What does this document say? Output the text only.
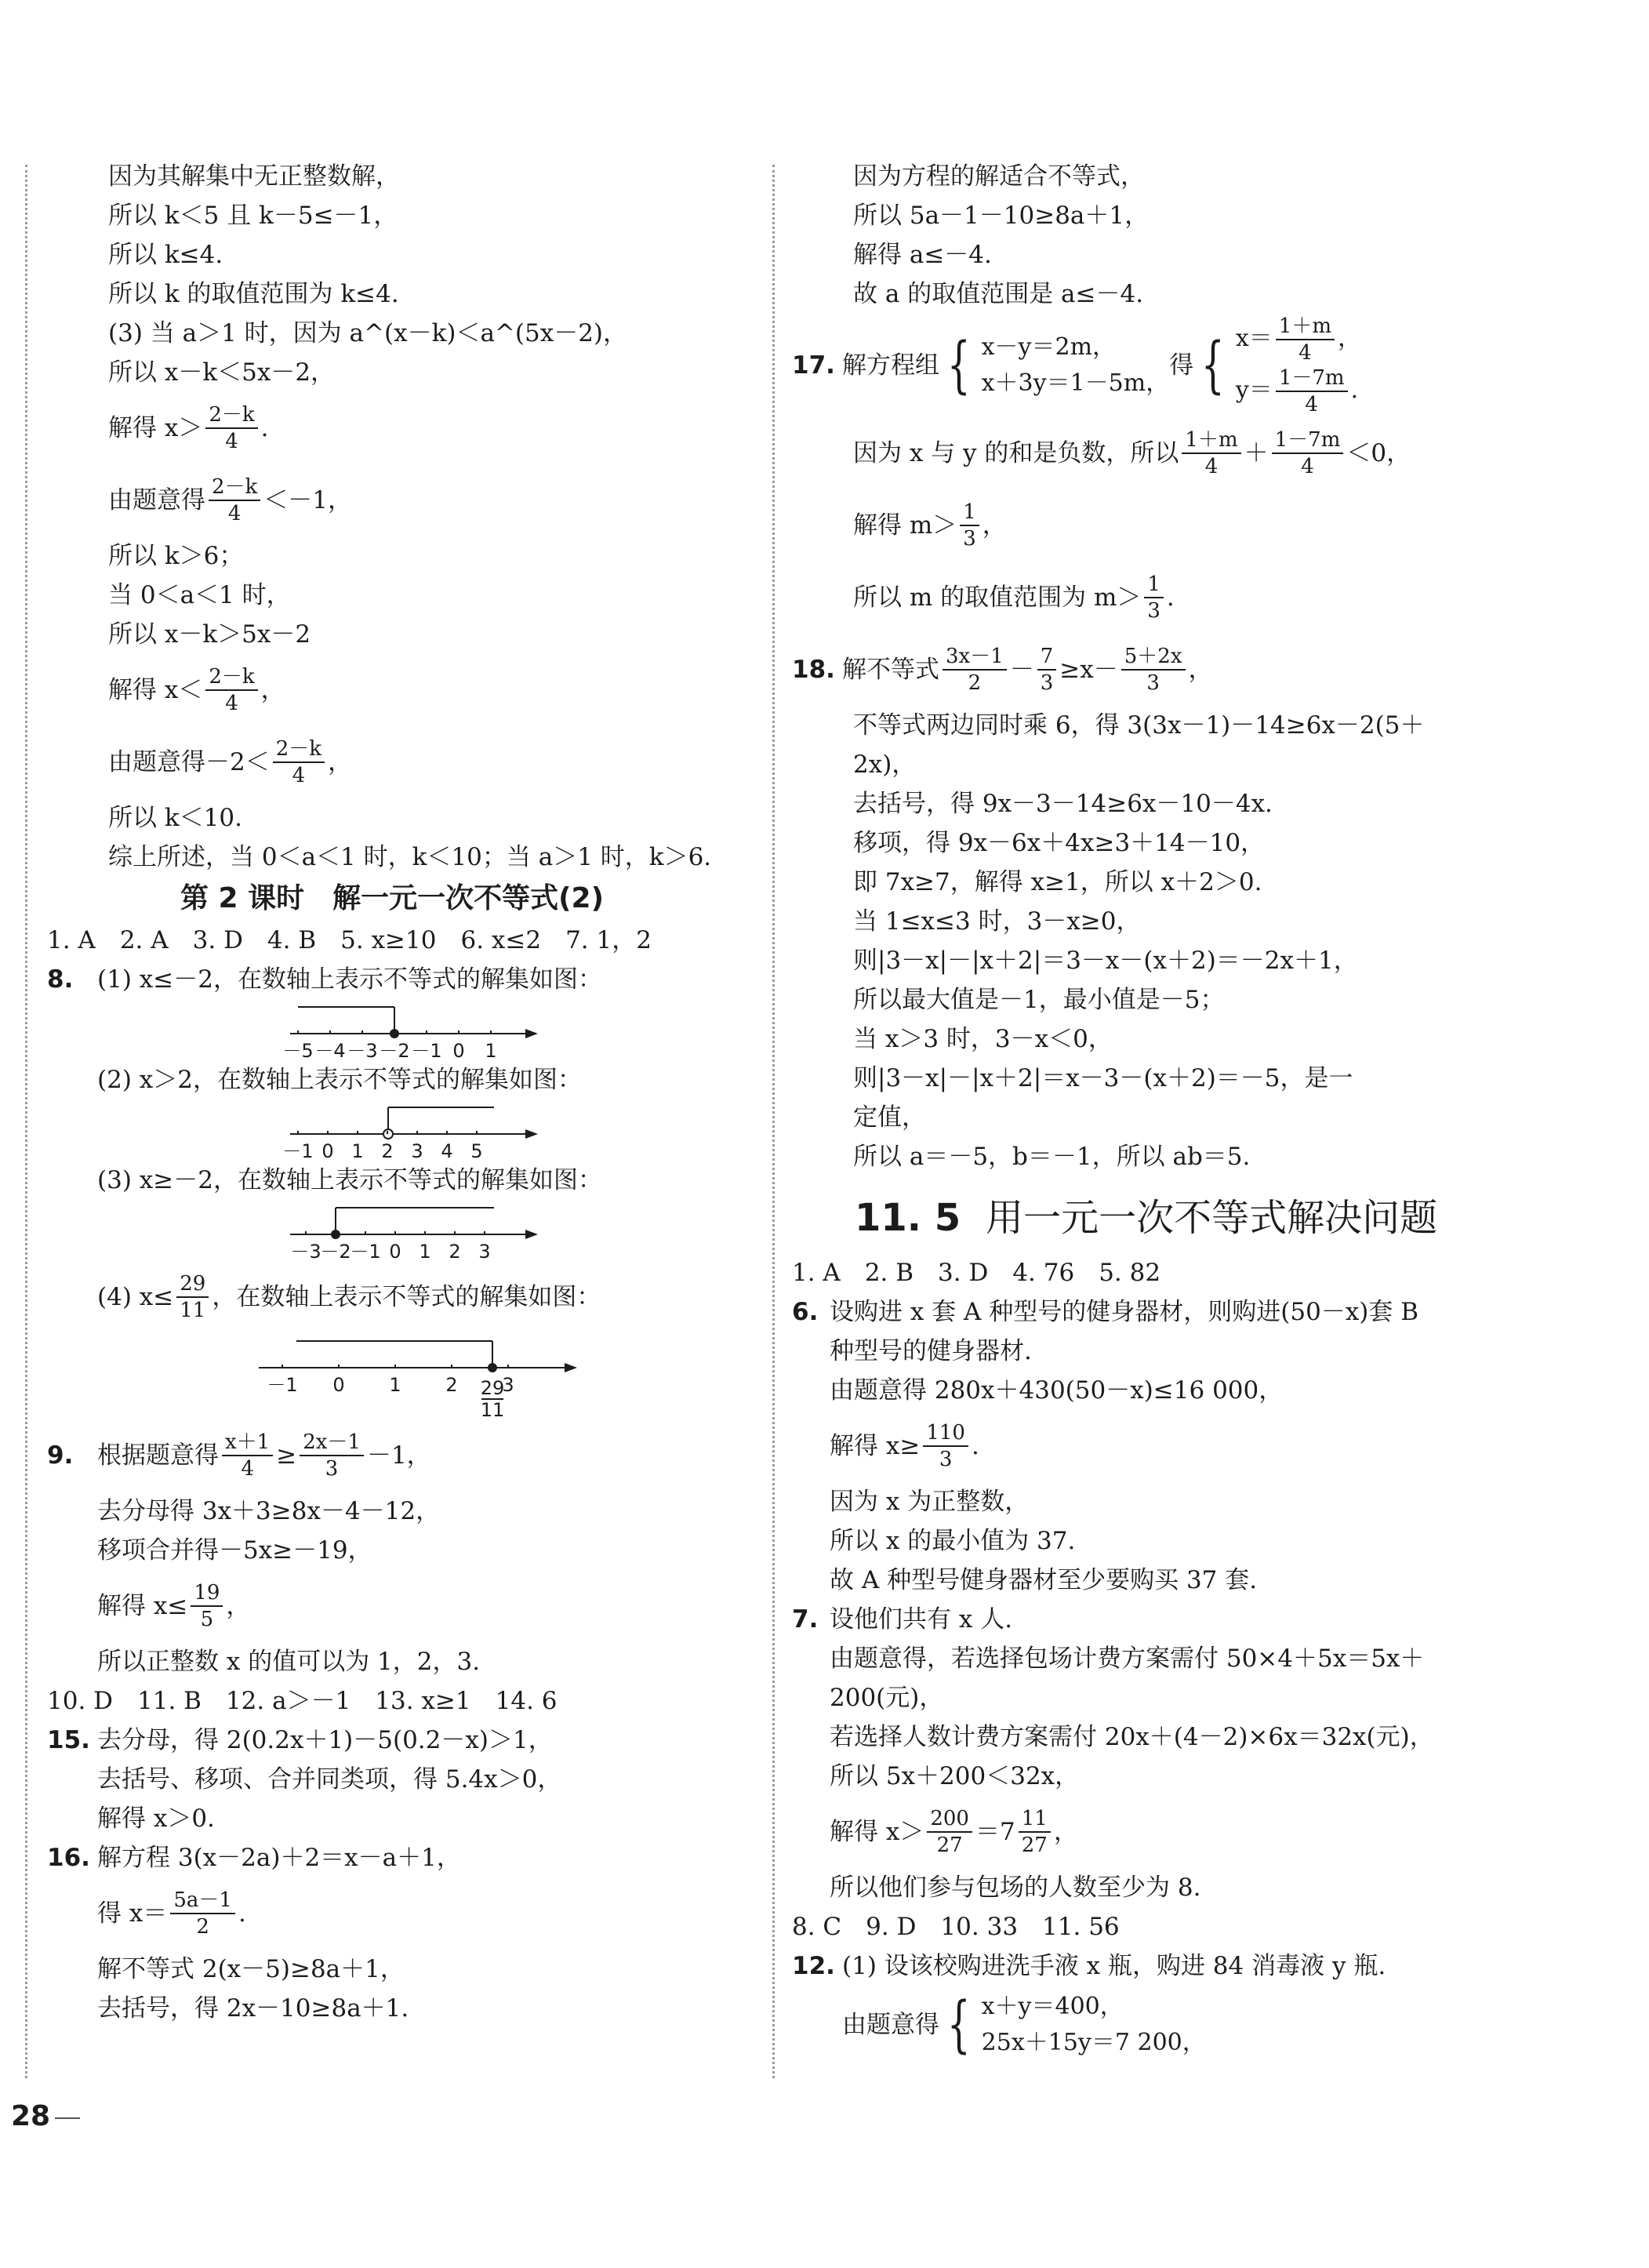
因为其解集中无正整数解，

所以 k＜5 且 k－5≤－1，

所以 k≤4.

所以 k 的取值范围为 k≤4.

(3) 当 a＞1 时，因为 a^(x－k)＜a^(5x－2)，

所以 x－k＜5x－2，

解得 $x> \frac{2-k}{4}$ .

由题意得 $\frac{2-k}{4} <-1$，

所以 k＞6；

当 0＜a＜1 时，

所以 x－k＞5x－2

解得 $x< \frac{2-k}{4}$ ，

由题意得$-2< \frac{2-k}{4}$ ，

所以 k＜10.

综上所述，当 0＜a＜1 时，k＜10；当 a＞1 时，k＞6.

第 2 课时　解一元一次不等式(2)

1. A　2. A　3. D　4. B　5. x≥10　6. x≤2　7. 1，2

8. (1) x≤－2，在数轴上表示不等式的解集如图：

－5 －4 －3 －2 －1 0 1

(2) x＞2，在数轴上表示不等式的解集如图：

－1 0 1 2 3 4 5

(3) x≥－2，在数轴上表示不等式的解集如图：

－3
－2
－1 0 1 2 3

(4) $x\le \frac{29}{11}$ ，在数轴上表示不等式的解集如图：

－1 0 1 2 3
29
11

9. 根据题意得 $\frac{x+1}{4} \ge \frac{2x-1}{3} -1$，

去分母得 3x＋3≥8x－4－12，

移项合并得－5x≥－19，

解得 $x\le \frac{19}{5}$ ，

所以正整数 x 的值可以为 1，2，3.

10. D　11. B　12. a＞－1　13. x≥1　14. 6

15. 去分母，得 2(0.2x＋1)－5(0.2－x)＞1，

去括号、移项、合并同类项，得 5.4x＞0，

解得 x＞0.

16. 解方程 3(x－2a)＋2＝x－a＋1，

得 $x= \frac{5a-1}{2}$ .

解不等式 2(x－5)≥8a＋1，

去括号，得 2x－10≥8a＋1.

因为方程的解适合不等式，

所以 5a－1－10≥8a＋1，

解得 a≤－4.

故 a 的取值范围是 a≤－4.

17. 解方程组 { x－y＝2m，
x＋3y＝1－5m，
得 { $x= \frac{1+m}{4}$ ，
$y= \frac{1-7m}{4}$ .

因为 x 与 y 的和是负数，所以 $\frac{1+m}{4} + \frac{1-7m}{4} <0$，

解得 $m> \frac{1}{3}$ ，

所以 m 的取值范围为 $m> \frac{1}{3}$ .

18. 解不等式 $\frac{3x-1}{2} - \frac{7}{3} \ge x- \frac{5+2x}{3}$ ，

不等式两边同时乘 6，得 3(3x－1)－14≥6x－2(5＋

2x)，

去括号，得 9x－3－14≥6x－10－4x.

移项，得 9x－6x＋4x≥3＋14－10，

即 7x≥7，解得 x≥1，所以 x＋2＞0.

当 1≤x≤3 时，3－x≥0，

则|3－x|－|x＋2|＝3－x－(x＋2)＝－2x＋1，

所以最大值是－1，最小值是－5；

当 x＞3 时，3－x＜0，

则|3－x|－|x＋2|＝x－3－(x＋2)＝－5，是一

定值，

所以 a＝－5，b＝－1，所以 ab＝5.

11. 5 用一元一次不等式解决问题

1. A　2. B　3. D　4. 76　5. 82

6. 设购进 x 套 A 种型号的健身器材，则购进(50－x)套 B

种型号的健身器材.

由题意得 280x＋430(50－x)≤16 000，

解得 $x\ge \frac{110}{3}$ .

因为 x 为正整数，

所以 x 的最小值为 37.

故 A 种型号健身器材至少要购买 37 套.

7. 设他们共有 x 人.

由题意得，若选择包场计费方案需付 50×4＋5x＝5x＋

200(元)，

若选择人数计费方案需付 20x＋(4－2)×6x＝32x(元)，

所以 5x＋200＜32x，

解得 $x> \frac{200}{27} =7 \frac{11}{27}$ ，

所以他们参与包场的人数至少为 8.

8. C　9. D　10. 33　11. 56

12. (1) 设该校购进洗手液 x 瓶，购进 84 消毒液 y 瓶.

由题意得 { x＋y＝400，
25x＋15y＝7 200，

28
